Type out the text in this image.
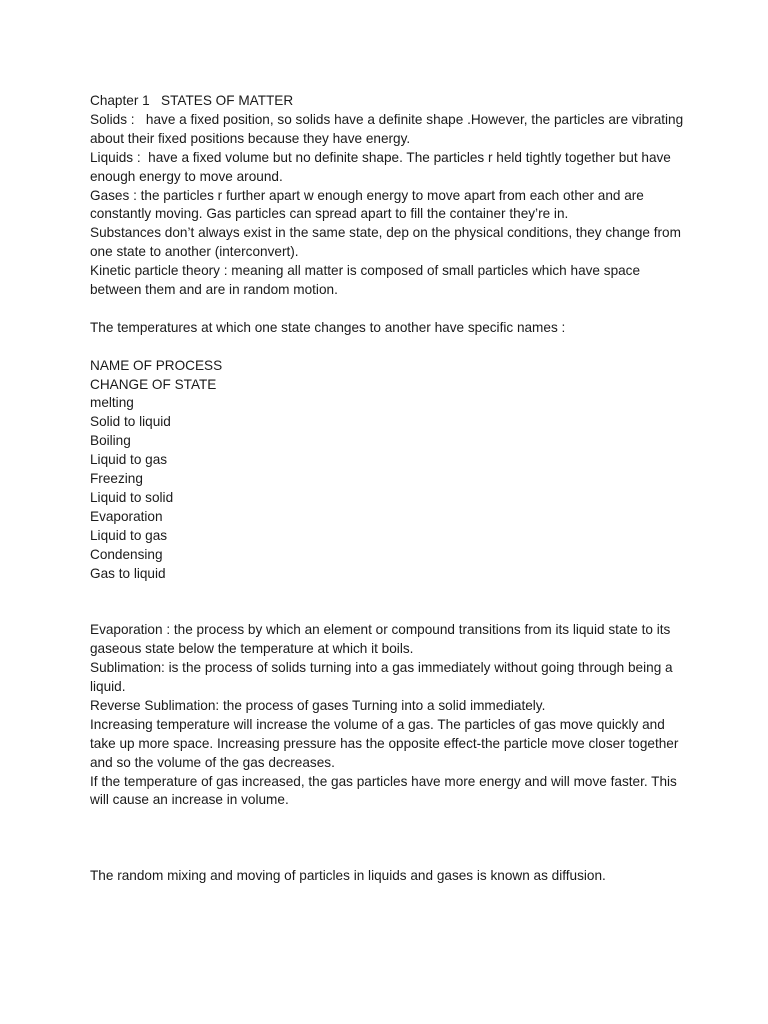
Chapter 1   STATES OF MATTER
Solids :   have a fixed position, so solids have a definite shape .However, the particles are vibrating about their fixed positions because they have energy.
Liquids :  have a fixed volume but no definite shape. The particles r held tightly together but have enough energy to move around.
Gases : the particles r further apart w enough energy to move apart from each other and are constantly moving. Gas particles can spread apart to fill the container they’re in.
Substances don’t always exist in the same state, dep on the physical conditions, they change from one state to another (interconvert).
Kinetic particle theory : meaning all matter is composed of small particles which have space between them and are in random motion.
The temperatures at which one state changes to another have specific names :
NAME OF PROCESS
CHANGE OF STATE
melting
Solid to liquid
Boiling
Liquid to gas
Freezing
Liquid to solid
Evaporation
Liquid to gas
Condensing
Gas to liquid
Evaporation : the process by which an element or compound transitions from its liquid state to its gaseous state below the temperature at which it boils.
Sublimation: is the process of solids turning into a gas immediately without going through being a liquid.
Reverse Sublimation: the process of gases Turning into a solid immediately.
Increasing temperature will increase the volume of a gas. The particles of gas move quickly and take up more space. Increasing pressure has the opposite effect-the particle move closer together and so the volume of the gas decreases.
If the temperature of gas increased, the gas particles have more energy and will move faster. This will cause an increase in volume.
The random mixing and moving of particles in liquids and gases is known as diffusion.
